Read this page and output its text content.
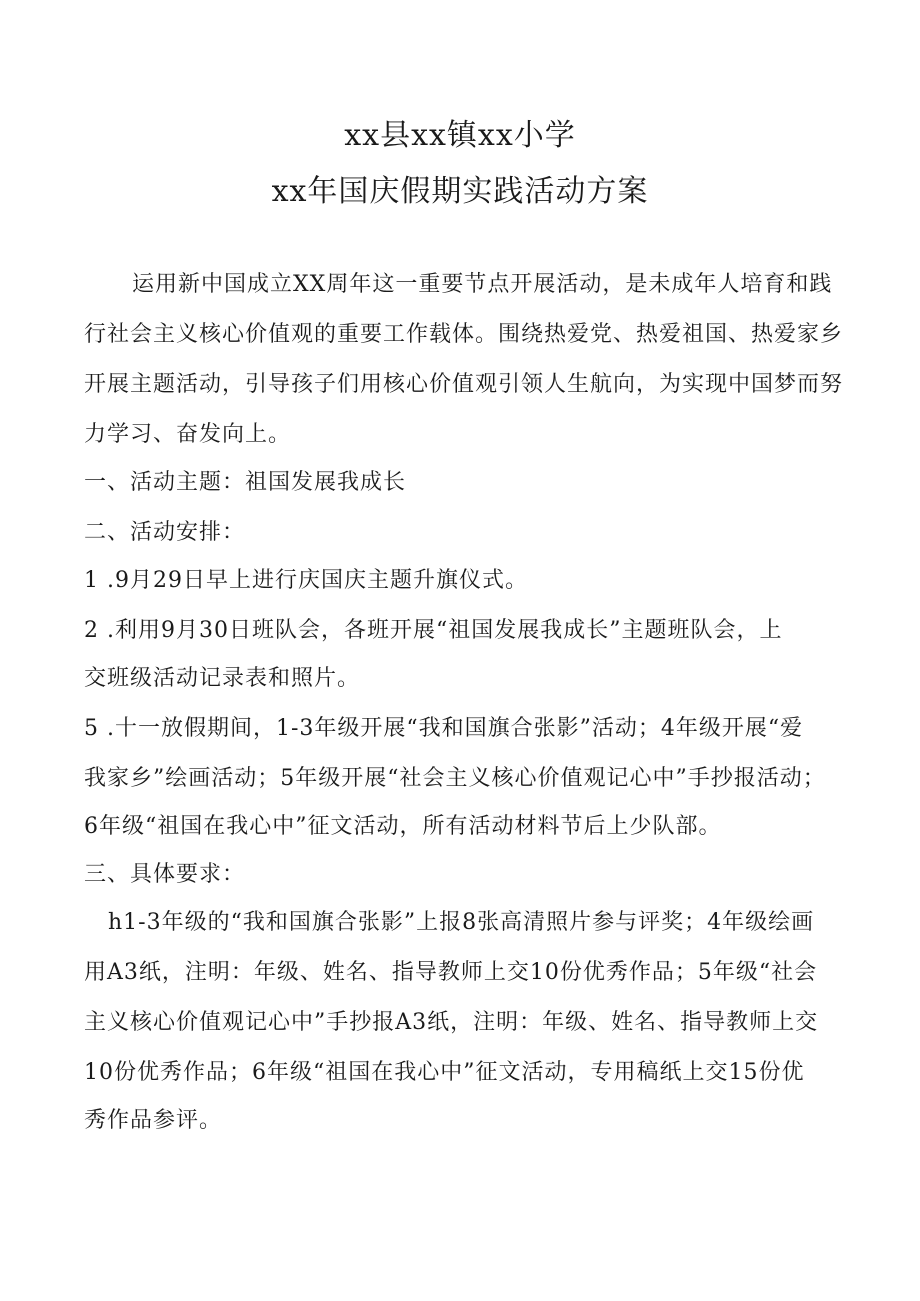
xx县xx镇xx小学
xx年国庆假期实践活动方案
运用新中国成立XX周年这一重要节点开展活动，是未成年人培育和践
行社会主义核心价值观的重要工作载体。围绕热爱党、热爱祖国、热爱家乡
开展主题活动，引导孩子们用核心价值观引领人生航向，为实现中国梦而努
力学习、奋发向上。
一、活动主题：祖国发展我成长
二、活动安排：
1 .9月29日早上进行庆国庆主题升旗仪式。
2 .利用9月30日班队会，各班开展“祖国发展我成长”主题班队会，上
交班级活动记录表和照片。
5 .十一放假期间，1-3年级开展“我和国旗合张影”活动；4年级开展“爱
我家乡”绘画活动；5年级开展“社会主义核心价值观记心中”手抄报活动；
6年级“祖国在我心中”征文活动，所有活动材料节后上少队部。
三、具体要求：
h1-3年级的“我和国旗合张影”上报8张高清照片参与评奖；4年级绘画
用A3纸，注明：年级、姓名、指导教师上交10份优秀作品；5年级“社会
主义核心价值观记心中”手抄报A3纸，注明：年级、姓名、指导教师上交
10份优秀作品；6年级“祖国在我心中”征文活动，专用稿纸上交15份优
秀作品参评。
